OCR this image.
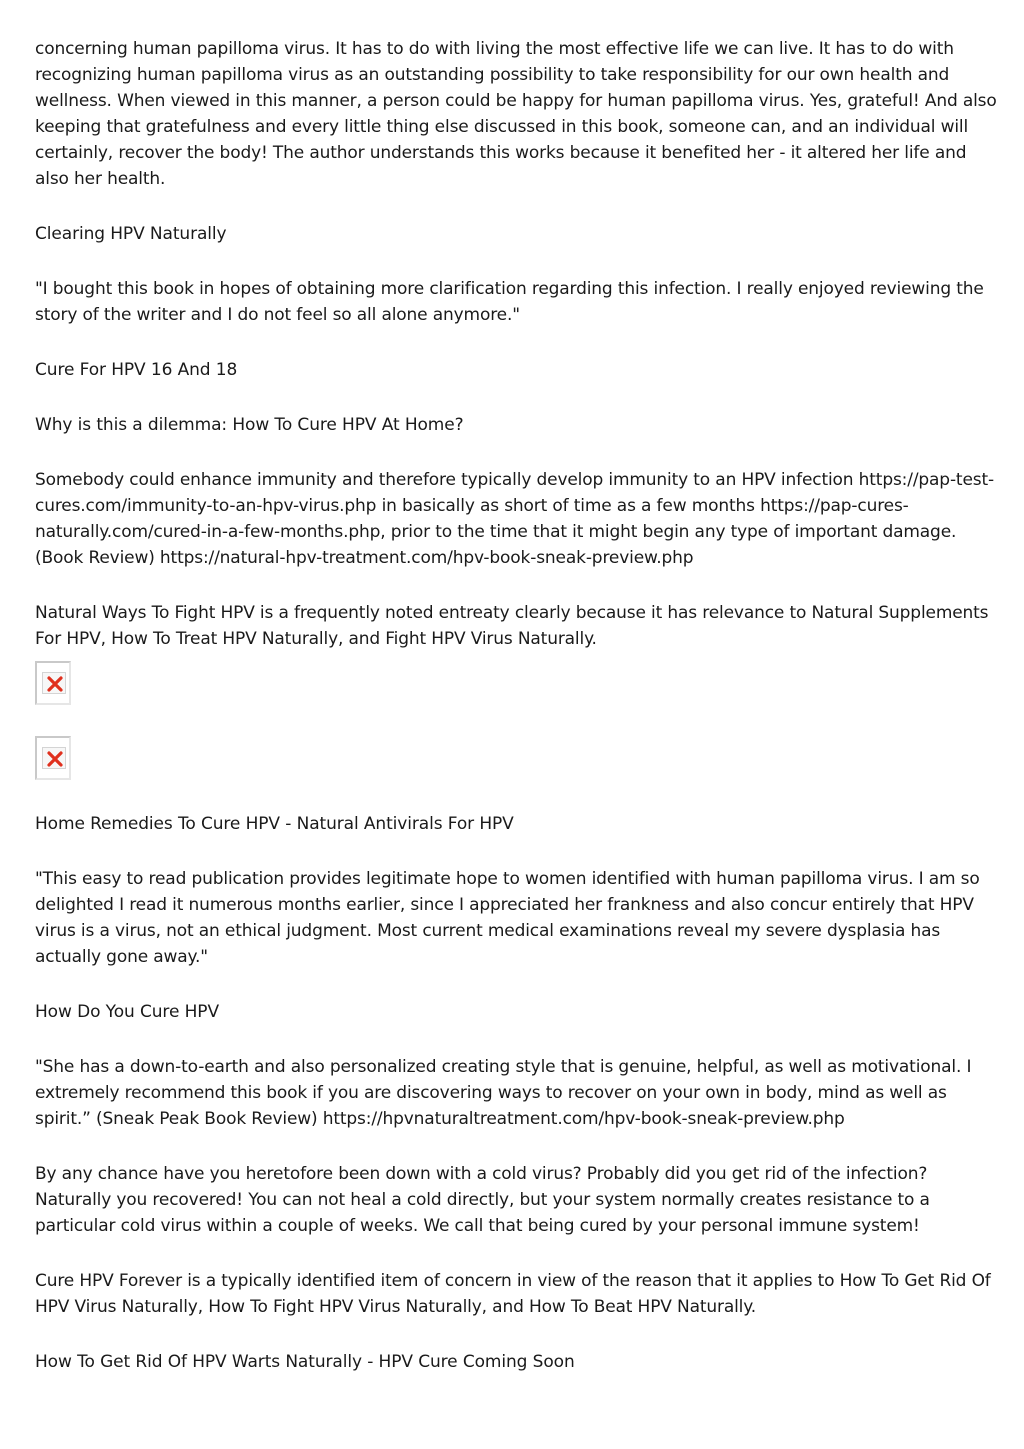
concerning human papilloma virus. It has to do with living the most effective life we can live. It has to do with recognizing human papilloma virus as an outstanding possibility to take responsibility for our own health and wellness. When viewed in this manner, a person could be happy for human papilloma virus. Yes, grateful! And also keeping that gratefulness and every little thing else discussed in this book, someone can, and an individual will certainly, recover the body! The author understands this works because it benefited her - it altered her life and also her health.

Clearing HPV Naturally

"I bought this book in hopes of obtaining more clarification regarding this infection. I really enjoyed reviewing the story of the writer and I do not feel so all alone anymore."

Cure For HPV 16 And 18

Why is this a dilemma: How To Cure HPV At Home?

Somebody could enhance immunity and therefore typically develop immunity to an HPV infection https://pap-test-cures.com/immunity-to-an-hpv-virus.php in basically as short of time as a few months https://pap-cures-naturally.com/cured-in-a-few-months.php, prior to the time that it might begin any type of important damage. (Book Review) https://natural-hpv-treatment.com/hpv-book-sneak-preview.php

Natural Ways To Fight HPV is a frequently noted entreaty clearly because it has relevance to Natural Supplements For HPV, How To Treat HPV Naturally, and Fight HPV Virus Naturally.

Home Remedies To Cure HPV - Natural Antivirals For HPV

"This easy to read publication provides legitimate hope to women identified with human papilloma virus. I am so delighted I read it numerous months earlier, since I appreciated her frankness and also concur entirely that HPV virus is a virus, not an ethical judgment. Most current medical examinations reveal my severe dysplasia has actually gone away."

How Do You Cure HPV

"She has a down-to-earth and also personalized creating style that is genuine, helpful, as well as motivational. I extremely recommend this book if you are discovering ways to recover on your own in body, mind as well as spirit.” (Sneak Peak Book Review) https://hpvnaturaltreatment.com/hpv-book-sneak-preview.php

By any chance have you heretofore been down with a cold virus? Probably did you get rid of the infection? Naturally you recovered! You can not heal a cold directly, but your system normally creates resistance to a particular cold virus within a couple of weeks. We call that being cured by your personal immune system!

Cure HPV Forever is a typically identified item of concern in view of the reason that it applies to How To Get Rid Of HPV Virus Naturally, How To Fight HPV Virus Naturally, and How To Beat HPV Naturally.

How To Get Rid Of HPV Warts Naturally - HPV Cure Coming Soon
